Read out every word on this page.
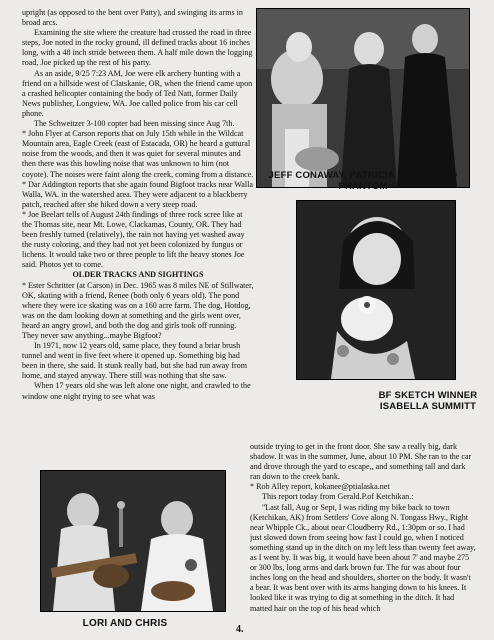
upright (as opposed to the bent over Patty), and swinging its arms in broad arcs.

Examining the site where the creature had crossed the road in three steps, Joe noted in the rocky ground, ill defined tracks about 16 inches long, with a 48 inch stride between them. A half mile down the logging road, Joe picked up the rest of his party.

As an aside, 9/25 7:23 AM, Joe were elk archery hunting with a friend on a hillside west of Clatskanie, OR, when the friend came upon a crashed helicopter containing the body of Ted Natt, former Daily News publisher, Longview, WA. Joe called police from his car cell phone.

The Schweitzer 3-100 copter had been missing since Aug 7th.

* John Flyer at Carson reports that on July 15th while in the Wildcat Mountain area, Eagle Creek (east of Estacada, OR) he heard a guttural noise from the woods, and then it was quiet for several minutes and then there was this howling noise that was unknown to him (not coyote). The noises were faint along the creek, coming from a distance.

* Dar Addington reports that she again found Bigfoot tracks near Walla Walla, WA. in the watershed area. They were adjacent to a blackberry patch, reached after she hiked down a very steep road.

* Joe Beelart tells of August 24th findings of three rock scree like at the Thomas site, near Mt. Lowe, Clackamas, County, OR. They had been freshly turned (relatively), the rain not having yet washed away the rusty coloring, and they had not yet been colonized by fungus or lichens. It would take two or three people to lift the heavy stones Joe said. Photos yet to come.

OLDER TRACKS AND SIGHTINGS

* Ester Schritter (at Carson) in Dec. 1965 was 8 miles NE of Stillwater, OK, skating with a friend, Renee (both only 6 years old). The pond where they were ice skating was on a 160 acre farm. The dog, Hotdog, was on the dam looking down at something and the girls went over, heard an angry growl, and both the dog and girls took off running. They never saw anything...maybe Bigfoot?

In 1971, now 12 years old, same place, they found a briar brush tunnel and went in five feet where it opened up. Something big had been in there, she said. It stunk really bad, but she had run away from home, and stayed anyway. There still was nothing that she saw.

When 17 years old she was left alone one night, and crawled to the window one night trying to see what was

JEFF CONAWAY, PATRICIA HEISER AND PHANTOM
BF SKETCH WINNER ISABELLA SUMMITT
LORI AND CHRIS

outside trying to get in the front door. She saw a really big, dark shadow. It was in the summer, June, about 10 PM. She ran to the car and drove through the yard to escape,, and something tall and dark ran down to the creek bank.

* Rob Alley report, kokanee@ptialaska.net

This report today from Gerald.P.of Ketchikan.:

"Last fall, Aug or Sept, I was riding my bike back to town (Ketchikan, AK) from Settlers' Cove along N. Tongass Hwy., Right near Whipple Ck., about near Cloudberry Rd., 1:30pm or so. I had just slowed down from seeing how fast I could go, when I noticed something stand up in the ditch on my left less than twenty feet away, as I went by. It was big, it would have been about 7' and maybe 275 or 300 lbs, long arms and dark brown fur. The fur was about four inches long on the head and shoulders, shorter on the body. It wasn't a bear. It was bent over with its arms hanging down to his knees. It looked like it was trying to dig at something in the ditch. It had matted hair on the top of his head which

4.
